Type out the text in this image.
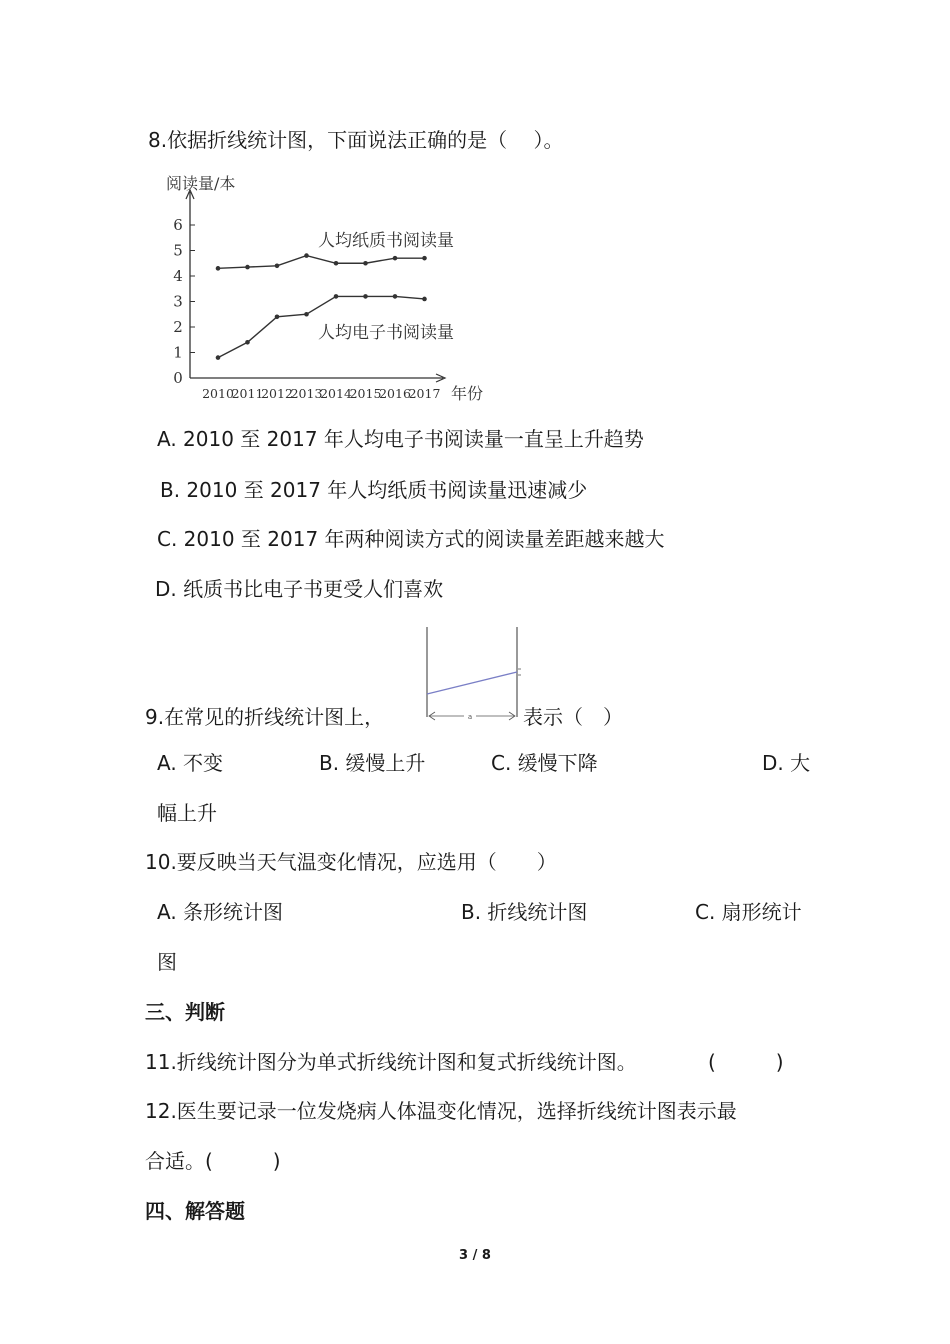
8.依据折线统计图，下面说法正确的是（　 ）。
阅读量/本
年份
0
1
2
3
4
5
6
2010
2011
2012
2013
2014
2015
2016
2017
人均纸质书阅读量
人均电子书阅读量
A. 2010 至 2017 年人均电子书阅读量一直呈上升趋势
B. 2010 至 2017 年人均纸质书阅读量迅速减少
C. 2010 至 2017 年两种阅读方式的阅读量差距越来越大
D. 纸质书比电子书更受人们喜欢
9.在常见的折线统计图上，	a	表示（　）
A. 不变	B. 缓慢上升	C. 缓慢下降	D. 大
幅上升
10.要反映当天气温变化情况，应选用（　　）
A. 条形统计图	B. 折线统计图	C. 扇形统计
图
三、判断
11.折线统计图分为单式折线统计图和复式折线统计图。	(　　　)
12.医生要记录一位发烧病人体温变化情况，选择折线统计图表示最
合适。(　　　)
四、解答题
3 / 8
